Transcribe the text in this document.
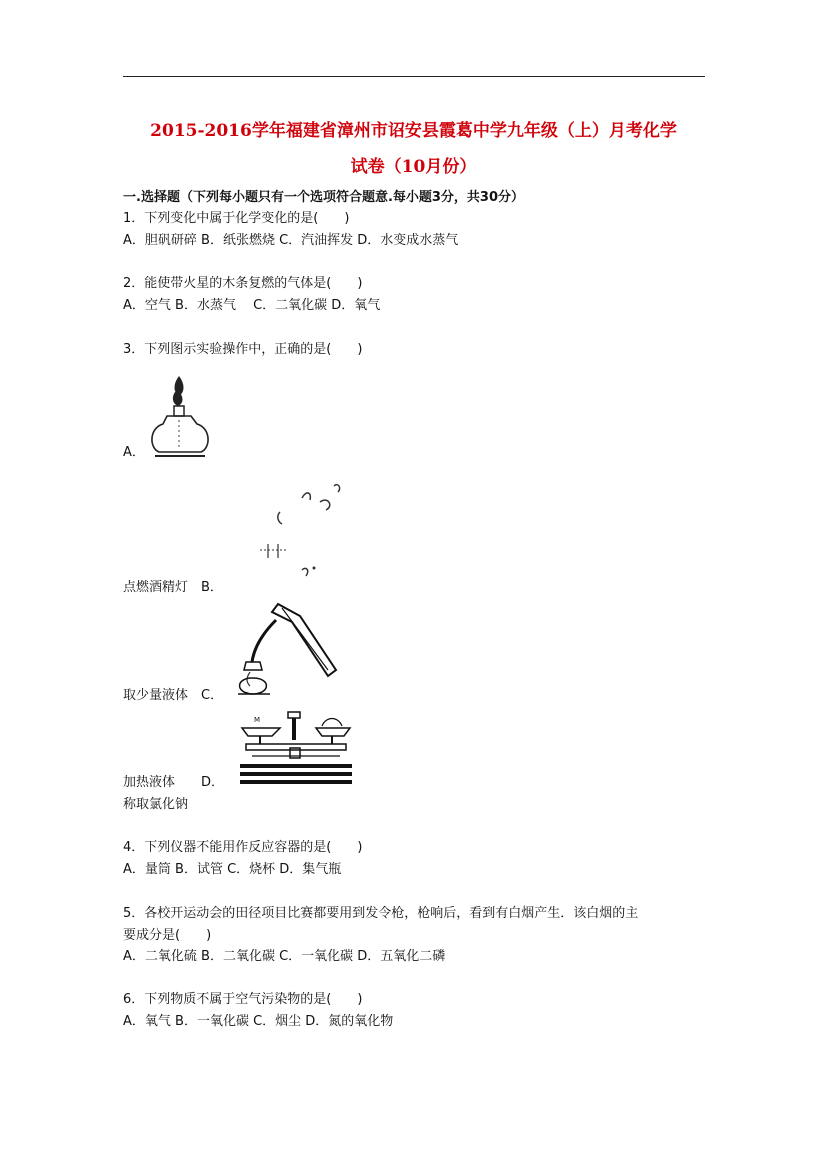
2015-2016学年福建省漳州市诏安县霞葛中学九年级（上）月考化学
试卷（10月份）
一.选择题（下列每小题只有一个选项符合题意.每小题3分，共30分）
1．下列变化中属于化学变化的是(　　)
A．胆矾研碎 B．纸张燃烧 C．汽油挥发 D．水变成水蒸气
2．能使带火星的木条复燃的气体是(　　)
A．空气 B．水蒸气　 C．二氧化碳 D．氧气
3．下列图示实验操作中，正确的是(　　)
A．
点燃酒精灯　B．
取少量液体　C．
M
加热液体　　D．
称取氯化钠
4．下列仪器不能用作反应容器的是(　　)
A．量筒 B．试管 C．烧杯 D．集气瓶
5．各校开运动会的田径项目比赛都要用到发令枪，枪响后，看到有白烟产生．该白烟的主
要成分是(　　)
A．二氧化硫 B．二氧化碳 C．一氧化碳 D．五氧化二磷
6．下列物质不属于空气污染物的是(　　)
A．氧气 B．一氧化碳 C．烟尘 D．氮的氧化物
